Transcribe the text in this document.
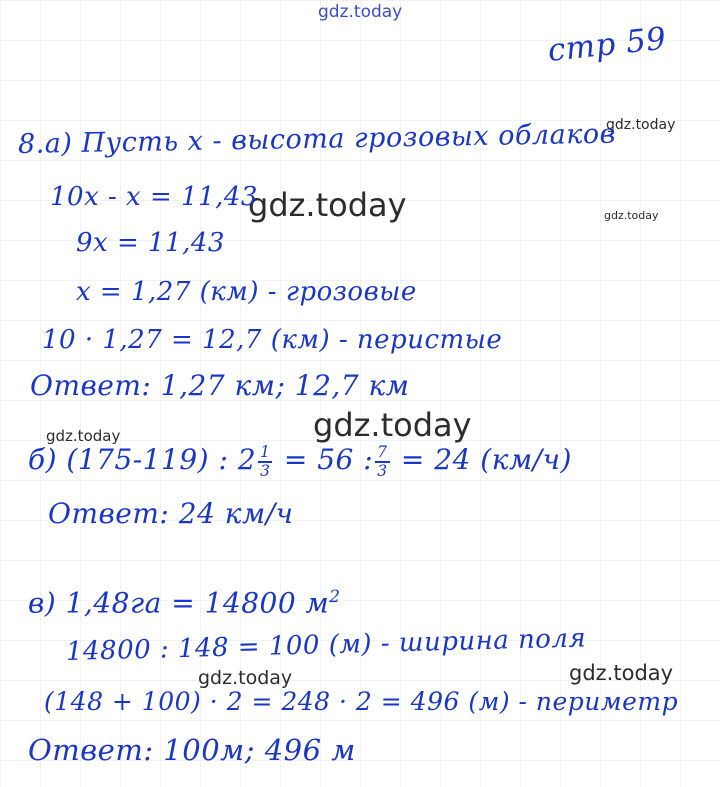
gdz.today
gdz.today
gdz.today
gdz.today
gdz.today
gdz.today
gdz.today	gdz.today
стр 59
8.а) Пусть x - высота грозовых облаков
10x - x = 11,43
9x = 11,43
x = 1,27 (км) - грозовые
10 · 1,27 = 12,7 (км) - перистые
Ответ: 1,27 км; 12,7 км
б) (175-119) : $2 \frac{1}{3} = 56$ : $\frac{7}{3} = 24$ (км/ч)
Ответ: 24 км/ч
в) 1,48га = 14800 $м^2$
14800 : 148 = 100 (м) - ширина поля
(148 + 100) · 2 = 248 · 2 = 496 (м) - периметр
Ответ: 100м; 496 м
